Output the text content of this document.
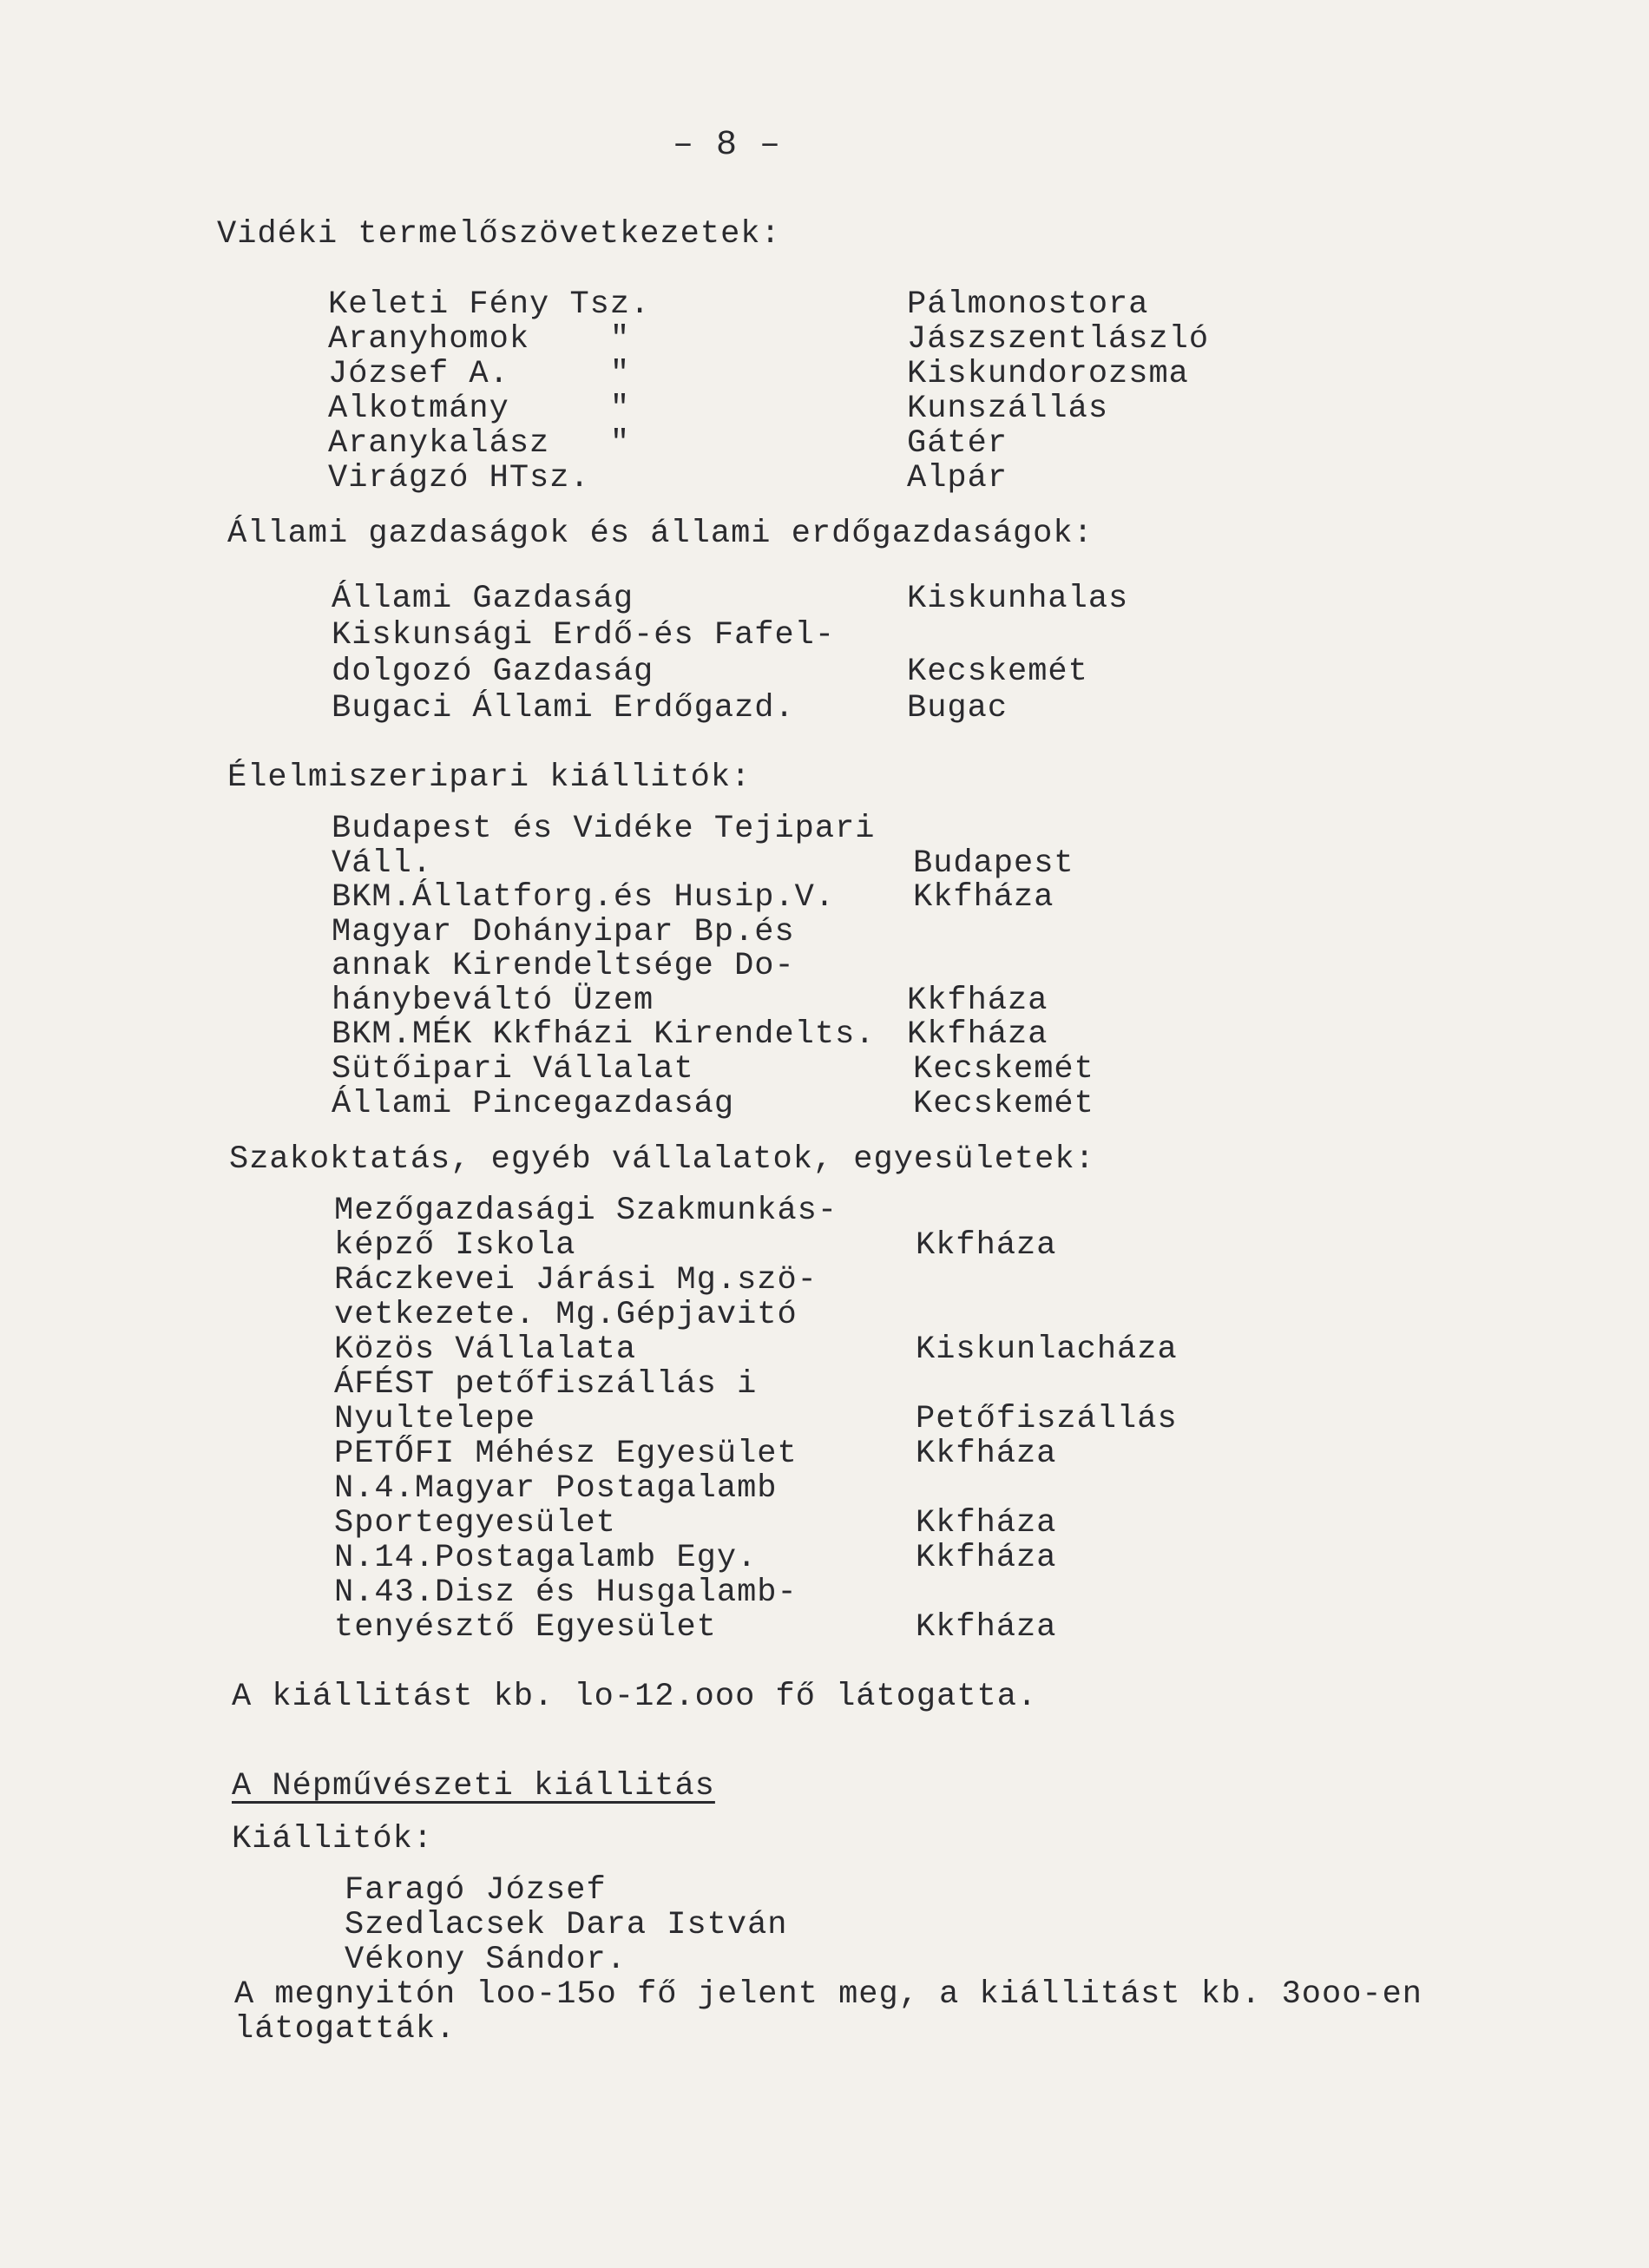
– 8 –
Vidéki termelőszövetkezetek:
Keleti Fény Tsz.	Pálmonostora
Aranyhomok    "	Jászszentlászló
József A.     "	Kiskundorozsma
Alkotmány     "	Kunszállás
Aranykalász   "	Gátér
Virágzó HTsz.	Alpár
Állami gazdaságok és állami erdőgazdaságok:
Állami Gazdaság	Kiskunhalas
Kiskunsági Erdő-és Fafel-
dolgozó Gazdaság	Kecskemét
Bugaci Állami Erdőgazd.	Bugac
Élelmiszeripari kiállitók:
Budapest és Vidéke Tejipari
Váll.	Budapest
BKM.Állatforg.és Husip.V. Kkfháza
Magyar Dohányipar Bp.és
annak Kirendeltsége Do-
hánybeváltó Üzem	Kkfháza
BKM.MÉK Kkfházi Kirendelts. Kkfháza
Sütőipari Vállalat	Kecskemét
Állami Pincegazdaság	Kecskemét
Szakoktatás, egyéb vállalatok, egyesületek:
Mezőgazdasági Szakmunkás-
képző Iskola	Kkfháza
Ráczkevei Járási Mg.szö-
vetkezete. Mg.Gépjavitó
Közös Vállalata	Kiskunlacháza
ÁFÉST petőfiszállás i
Nyultelepe	Petőfiszállás
PETŐFI Méhész Egyesület	Kkfháza
N.4.Magyar Postagalamb
Sportegyesület	Kkfháza
N.14.Postagalamb Egy.	Kkfháza
N.43.Disz és Husgalamb-
tenyésztő Egyesület	Kkfháza
A kiállitást kb. lo-12.ooo fő látogatta.
A Népművészeti kiállitás
Kiállitók:
Faragó József
Szedlacsek Dara István
Vékony Sándor.
A megnyitón loo-15o fő jelent meg, a kiállitást kb. 3ooo-en
látogatták.
